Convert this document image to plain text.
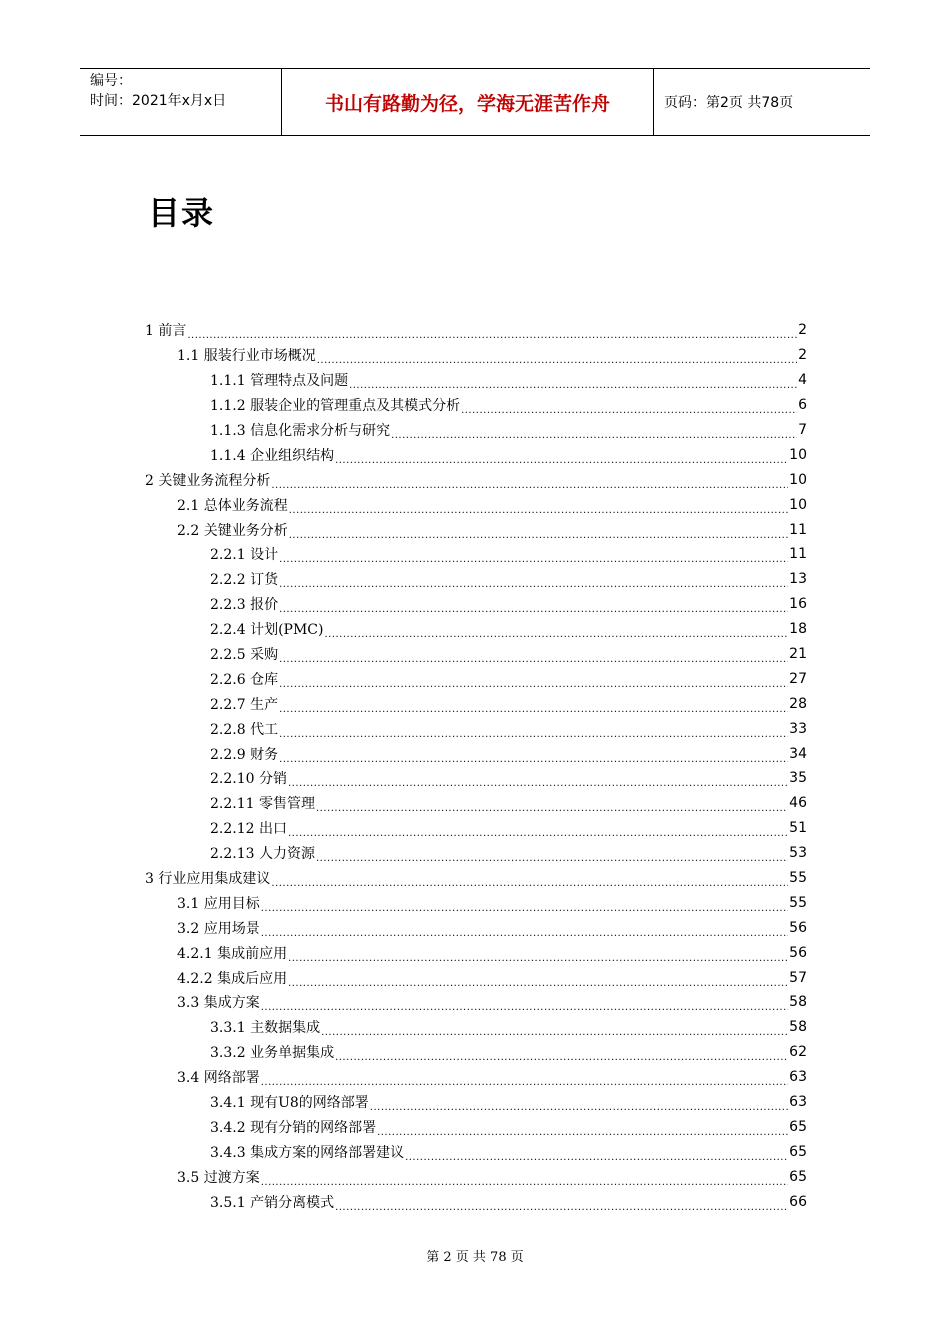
编号：
时间：2021年x月x日	书山有路勤为径，学海无涯苦作舟	页码：第2页 共78页
目录
1 前言 .....	2
1.1 服装行业市场概况 .....	2
1.1.1 管理特点及问题 .....	4
1.1.2 服装企业的管理重点及其模式分析 .....	6
1.1.3 信息化需求分析与研究 .....	7
1.1.4 企业组织结构 .....	10
2 关键业务流程分析 .....	10
2.1 总体业务流程 .....	10
2.2 关键业务分析 .....	11
2.2.1 设计 .....	11
2.2.2 订货 .....	13
2.2.3 报价 .....	16
2.2.4 计划(PMC) .....	18
2.2.5 采购 .....	21
2.2.6 仓库 .....	27
2.2.7 生产 .....	28
2.2.8 代工 .....	33
2.2.9 财务 .....	34
2.2.10 分销 .....	35
2.2.11 零售管理 .....	46
2.2.12 出口 .....	51
2.2.13 人力资源 .....	53
3 行业应用集成建议 .....	55
3.1 应用目标 .....	55
3.2 应用场景 .....	56
4.2.1 集成前应用 .....	56
4.2.2 集成后应用 .....	57
3.3 集成方案 .....	58
3.3.1 主数据集成 .....	58
3.3.2 业务单据集成 .....	62
3.4 网络部署 .....	63
3.4.1 现有U8的网络部署 .....	63
3.4.2 现有分销的网络部署 .....	65
3.4.3 集成方案的网络部署建议 .....	65
3.5 过渡方案 .....	65
3.5.1 产销分离模式 .....	66
第 2 页 共 78 页
